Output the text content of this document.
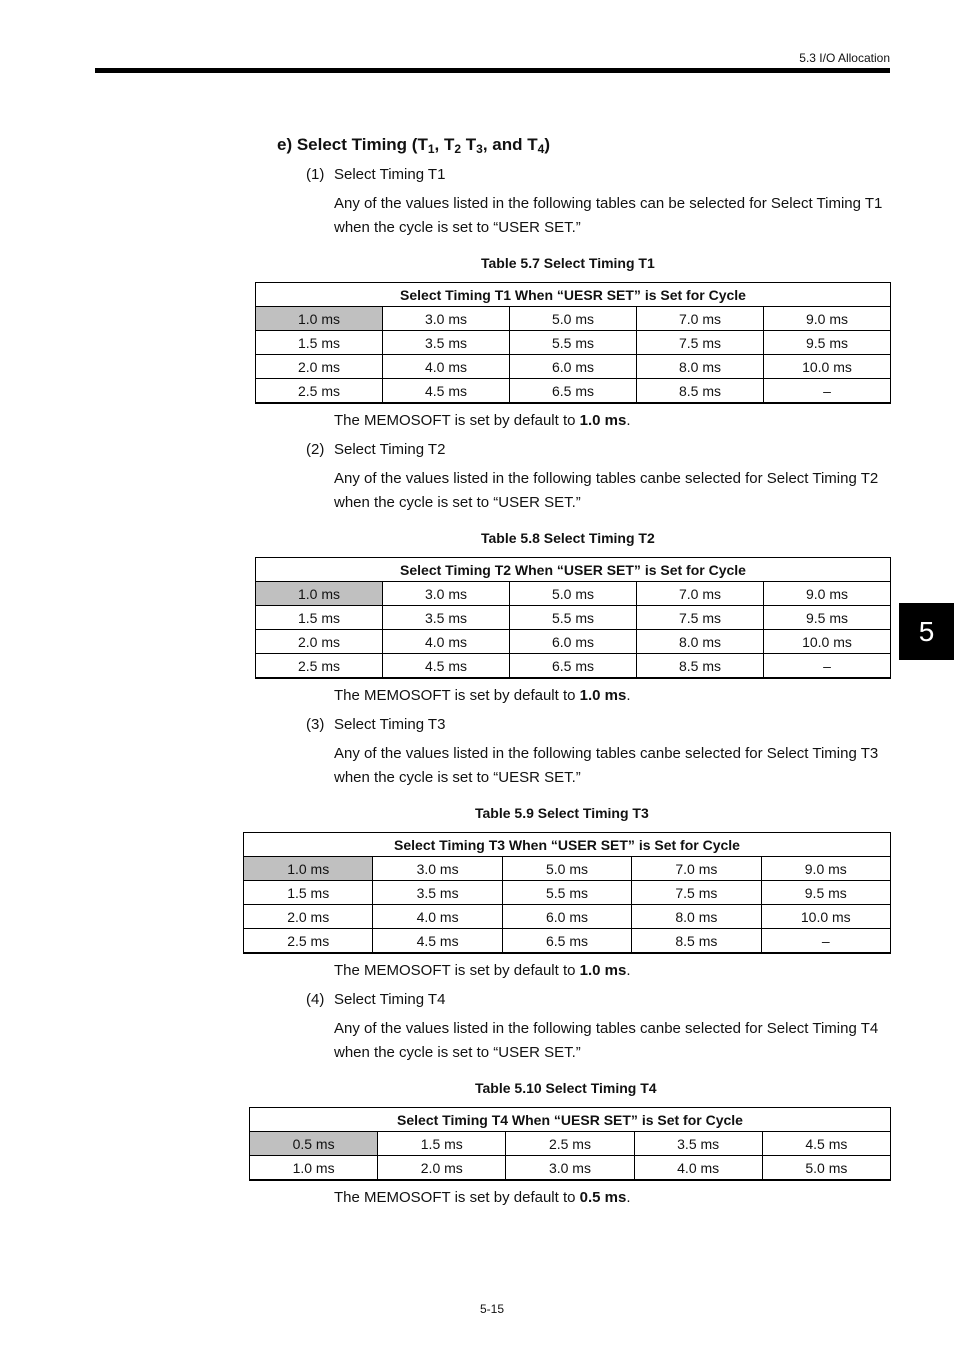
5.3 I/O Allocation
5
e) Select Timing ($T_1$, $T_2$ $T_3$, and $T_4$)
(1) Select Timing T1
Any of the values listed in the following tables can be selected for Select Timing T1 when the cycle is set to “USER SET.”
Table 5.7 Select Timing T1
Select Timing T1 When “UESR SET” is Set for Cycle				
1.0 ms	3.0 ms	5.0 ms	7.0 ms	9.0 ms
1.5 ms	3.5 ms	5.5 ms	7.5 ms	9.5 ms
2.0 ms	4.0 ms	6.0 ms	8.0 ms	10.0 ms
2.5 ms	4.5 ms	6.5 ms	8.5 ms	–
The MEMOSOFT is set by default to 1.0 ms.
(2) Select Timing T2
Any of the values listed in the following tables canbe selected for Select Timing T2 when the cycle is set to “USER SET.”
Table 5.8 Select Timing T2
Select Timing T2 When “USER SET” is Set for Cycle				
1.0 ms	3.0 ms	5.0 ms	7.0 ms	9.0 ms
1.5 ms	3.5 ms	5.5 ms	7.5 ms	9.5 ms
2.0 ms	4.0 ms	6.0 ms	8.0 ms	10.0 ms
2.5 ms	4.5 ms	6.5 ms	8.5 ms	–
The MEMOSOFT is set by default to 1.0 ms.
(3) Select Timing T3
Any of the values listed in the following tables canbe selected for Select Timing T3 when the cycle is set to “UESR SET.”
Table 5.9 Select Timing T3
Select Timing T3 When “USER SET” is Set for Cycle				
1.0 ms	3.0 ms	5.0 ms	7.0 ms	9.0 ms
1.5 ms	3.5 ms	5.5 ms	7.5 ms	9.5 ms
2.0 ms	4.0 ms	6.0 ms	8.0 ms	10.0 ms
2.5 ms	4.5 ms	6.5 ms	8.5 ms	–
The MEMOSOFT is set by default to 1.0 ms.
(4) Select Timing T4
Any of the values listed in the following tables canbe selected for Select Timing T4 when the cycle is set to “USER SET.”
Table 5.10 Select Timing T4
Select Timing T4 When “UESR SET” is Set for Cycle				
0.5 ms	1.5 ms	2.5 ms	3.5 ms	4.5 ms
1.0 ms	2.0 ms	3.0 ms	4.0 ms	5.0 ms
The MEMOSOFT is set by default to 0.5 ms.
5-15
